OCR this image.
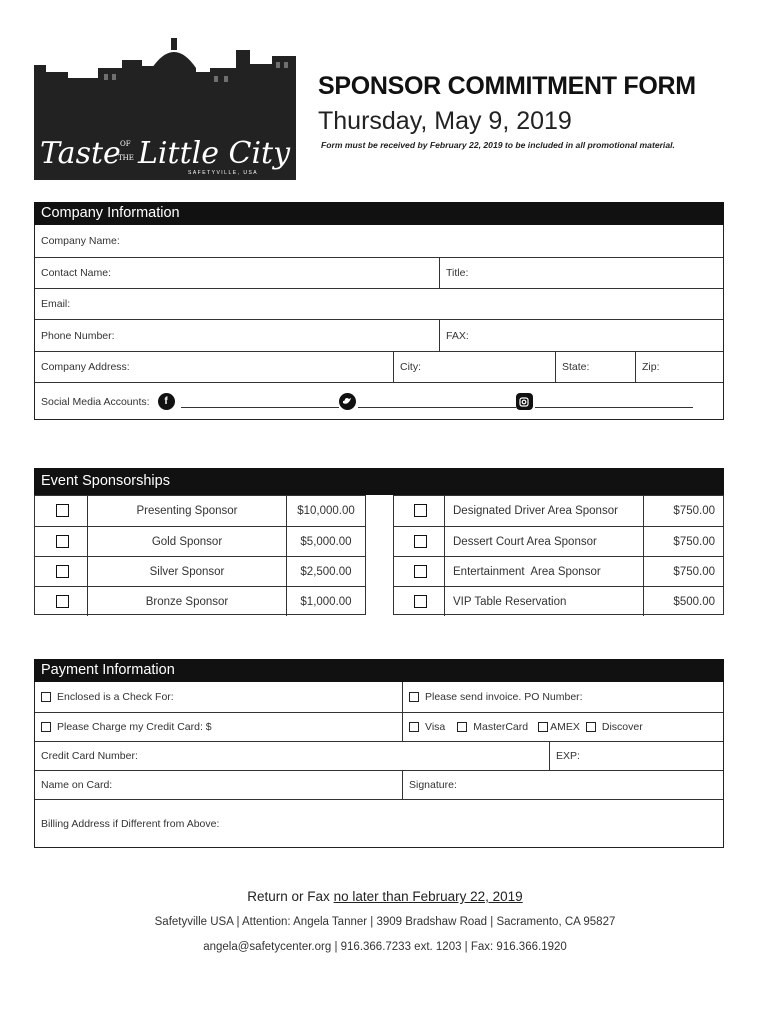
Taste OF
THE Little City
SAFETYVILLE, USA
SPONSOR COMMITMENT FORM
Thursday, May 9, 2019
Form must be received by February 22, 2019 to be included in all promotional material.
Company Information
Company Name:
Contact Name:	Title:
Email:
Phone Number:	FAX:
Company Address:	City:	State:	Zip:
Social Media Accounts:	f
Event Sponsorships
Presenting Sponsor	$10,000.00
Gold Sponsor	$5,000.00
Silver Sponsor	$2,500.00
Bronze Sponsor	$1,000.00
Designated Driver Area Sponsor	$750.00
Dessert Court Area Sponsor	$750.00
Entertainment  Area Sponsor	$750.00
VIP Table Reservation	$500.00
Payment Information
Enclosed is a Check For:	Please send invoice. PO Number:
Please Charge my Credit Card: $	Visa	MasterCard AMEX Discover
Credit Card Number:	EXP:
Name on Card:	Signature:
Billing Address if Different from Above:
Return or Fax no later than February 22, 2019
Safetyville USA | Attention: Angela Tanner | 3909 Bradshaw Road | Sacramento, CA 95827
angela@safetycenter.org | 916.366.7233 ext. 1203 | Fax: 916.366.1920
